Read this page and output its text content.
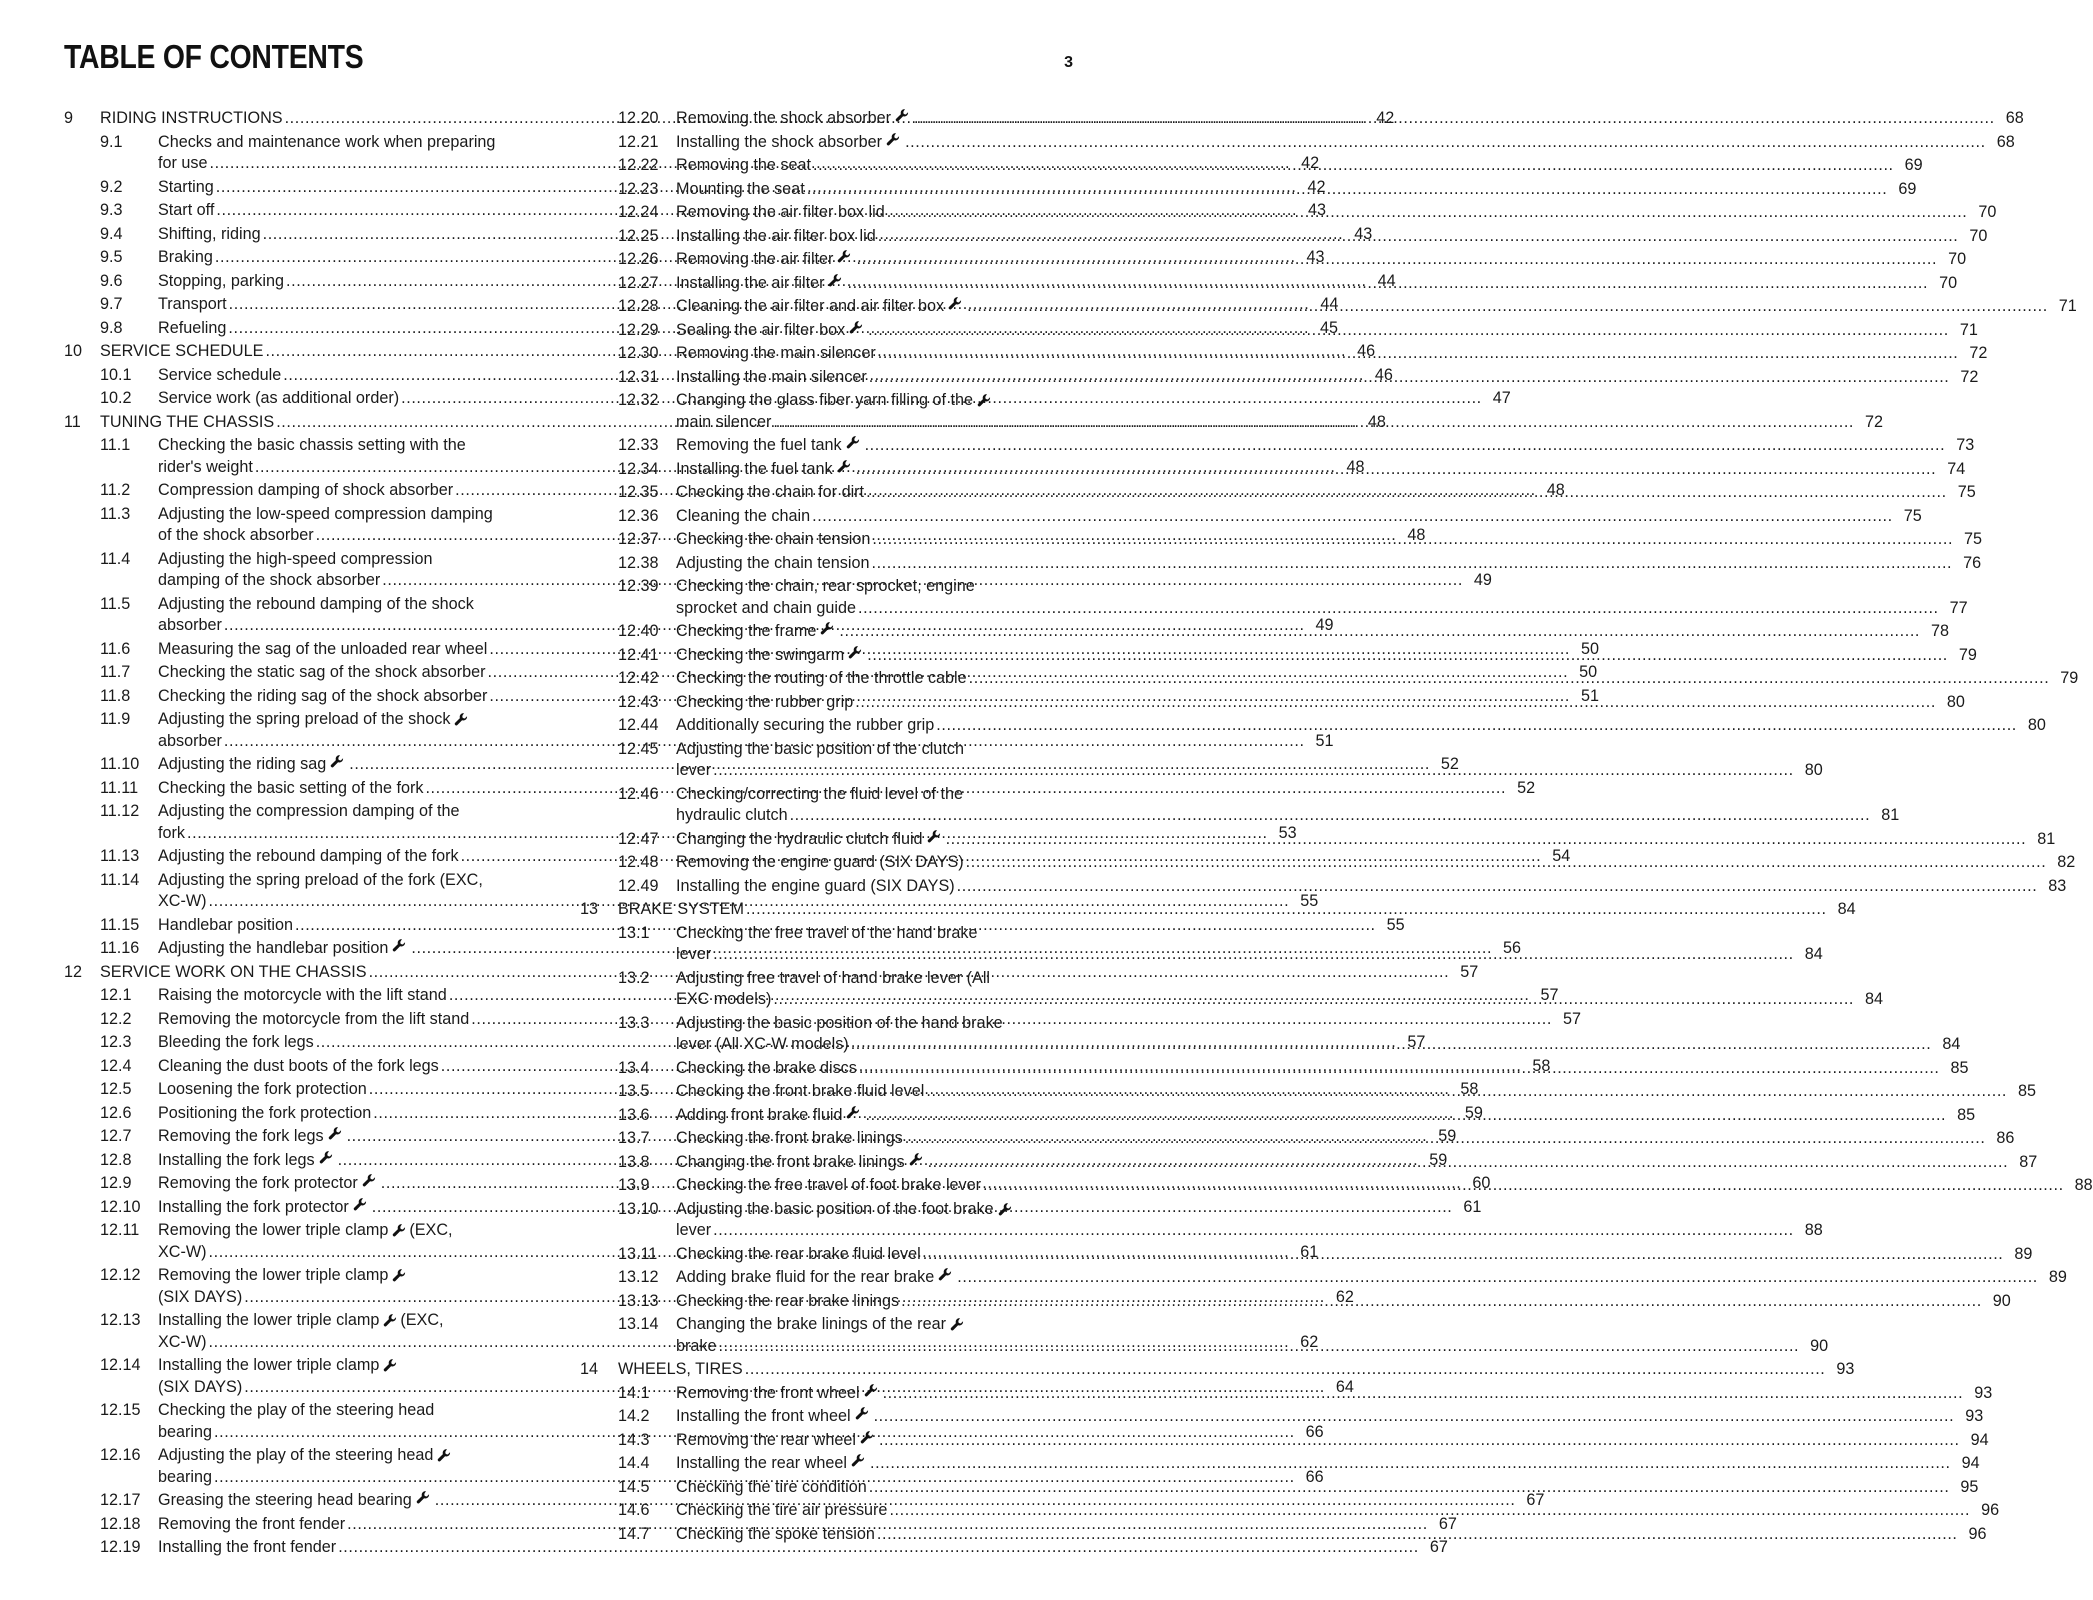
TABLE OF CONTENTS	3
9	RIDING INSTRUCTIONS .....	42
9.1	Checks and maintenance work when preparing
for use .....	42
9.2	Starting .....	42
9.3	Start off .....	43
9.4	Shifting, riding .....	43
9.5	Braking .....	43
9.6	Stopping, parking .....	44
9.7	Transport .....	44
9.8	Refueling .....	45
10	SERVICE SCHEDULE .....	46
10.1	Service schedule .....	46
10.2	Service work (as additional order) .....	47
11	TUNING THE CHASSIS .....	48
11.1	Checking the basic chassis setting with the
rider's weight .....	48
11.2	Compression damping of shock absorber .....	48
11.3	Adjusting the low-speed compression damping
of the shock absorber .....	48
11.4	Adjusting the high-speed compression
damping of the shock absorber .....	49
11.5	Adjusting the rebound damping of the shock
absorber .....	49
11.6	Measuring the sag of the unloaded rear wheel .....	50
11.7	Checking the static sag of the shock absorber .....	50
11.8	Checking the riding sag of the shock absorber .....	51
11.9	Adjusting the spring preload of the shock
absorber .....	51
11.10	Adjusting the riding sag .....	52
11.11	Checking the basic setting of the fork .....	52
11.12	Adjusting the compression damping of the
fork .....	53
11.13	Adjusting the rebound damping of the fork .....	54
11.14	Adjusting the spring preload of the fork (EXC,
XC-W) .....	55
11.15	Handlebar position .....	55
11.16	Adjusting the handlebar position .....	56
12	SERVICE WORK ON THE CHASSIS .....	57
12.1	Raising the motorcycle with the lift stand .....	57
12.2	Removing the motorcycle from the lift stand .....	57
12.3	Bleeding the fork legs .....	57
12.4	Cleaning the dust boots of the fork legs .....	58
12.5	Loosening the fork protection .....	58
12.6	Positioning the fork protection .....	59
12.7	Removing the fork legs .....	59
12.8	Installing the fork legs .....	59
12.9	Removing the fork protector .....	60
12.10	Installing the fork protector .....	61
12.11	Removing the lower triple clamp (EXC,
XC-W) .....	61
12.12	Removing the lower triple clamp
(SIX DAYS) .....	62
12.13	Installing the lower triple clamp (EXC,
XC-W) .....	62
12.14	Installing the lower triple clamp
(SIX DAYS) .....	64
12.15	Checking the play of the steering head
bearing .....	66
12.16	Adjusting the play of the steering head
bearing .....	66
12.17	Greasing the steering head bearing .....	67
12.18	Removing the front fender .....	67
12.19	Installing the front fender .....	67
12.20	Removing the shock absorber .....	68
12.21	Installing the shock absorber .....	68
12.22	Removing the seat .....	69
12.23	Mounting the seat .....	69
12.24	Removing the air filter box lid .....	70
12.25	Installing the air filter box lid .....	70
12.26	Removing the air filter .....	70
12.27	Installing the air filter .....	70
12.28	Cleaning the air filter and air filter box .....	71
12.29	Sealing the air filter box .....	71
12.30	Removing the main silencer .....	72
12.31	Installing the main silencer .....	72
12.32	Changing the glass fiber yarn filling of the
main silencer .....	72
12.33	Removing the fuel tank .....	73
12.34	Installing the fuel tank .....	74
12.35	Checking the chain for dirt .....	75
12.36	Cleaning the chain .....	75
12.37	Checking the chain tension .....	75
12.38	Adjusting the chain tension .....	76
12.39	Checking the chain, rear sprocket, engine
sprocket and chain guide .....	77
12.40	Checking the frame .....	78
12.41	Checking the swingarm .....	79
12.42	Checking the routing of the throttle cable .....	79
12.43	Checking the rubber grip .....	80
12.44	Additionally securing the rubber grip .....	80
12.45	Adjusting the basic position of the clutch
lever .....	80
12.46	Checking/correcting the fluid level of the
hydraulic clutch .....	81
12.47	Changing the hydraulic clutch fluid .....	81
12.48	Removing the engine guard (SIX DAYS) .....	82
12.49	Installing the engine guard (SIX DAYS) .....	83
13	BRAKE SYSTEM .....	84
13.1	Checking the free travel of the hand brake
lever .....	84
13.2	Adjusting free travel of hand brake lever (All
EXC models) .....	84
13.3	Adjusting the basic position of the hand brake
lever (All XC-W models) .....	84
13.4	Checking the brake discs .....	85
13.5	Checking the front brake fluid level .....	85
13.6	Adding front brake fluid .....	85
13.7	Checking the front brake linings .....	86
13.8	Changing the front brake linings .....	87
13.9	Checking the free travel of foot brake lever .....	88
13.10	Adjusting the basic position of the foot brake
lever .....	88
13.11	Checking the rear brake fluid level .....	89
13.12	Adding brake fluid for the rear brake .....	89
13.13	Checking the rear brake linings .....	90
13.14	Changing the brake linings of the rear
brake .....	90
14	WHEELS, TIRES .....	93
14.1	Removing the front wheel .....	93
14.2	Installing the front wheel .....	93
14.3	Removing the rear wheel .....	94
14.4	Installing the rear wheel .....	94
14.5	Checking the tire condition .....	95
14.6	Checking the tire air pressure .....	96
14.7	Checking the spoke tension .....	96
